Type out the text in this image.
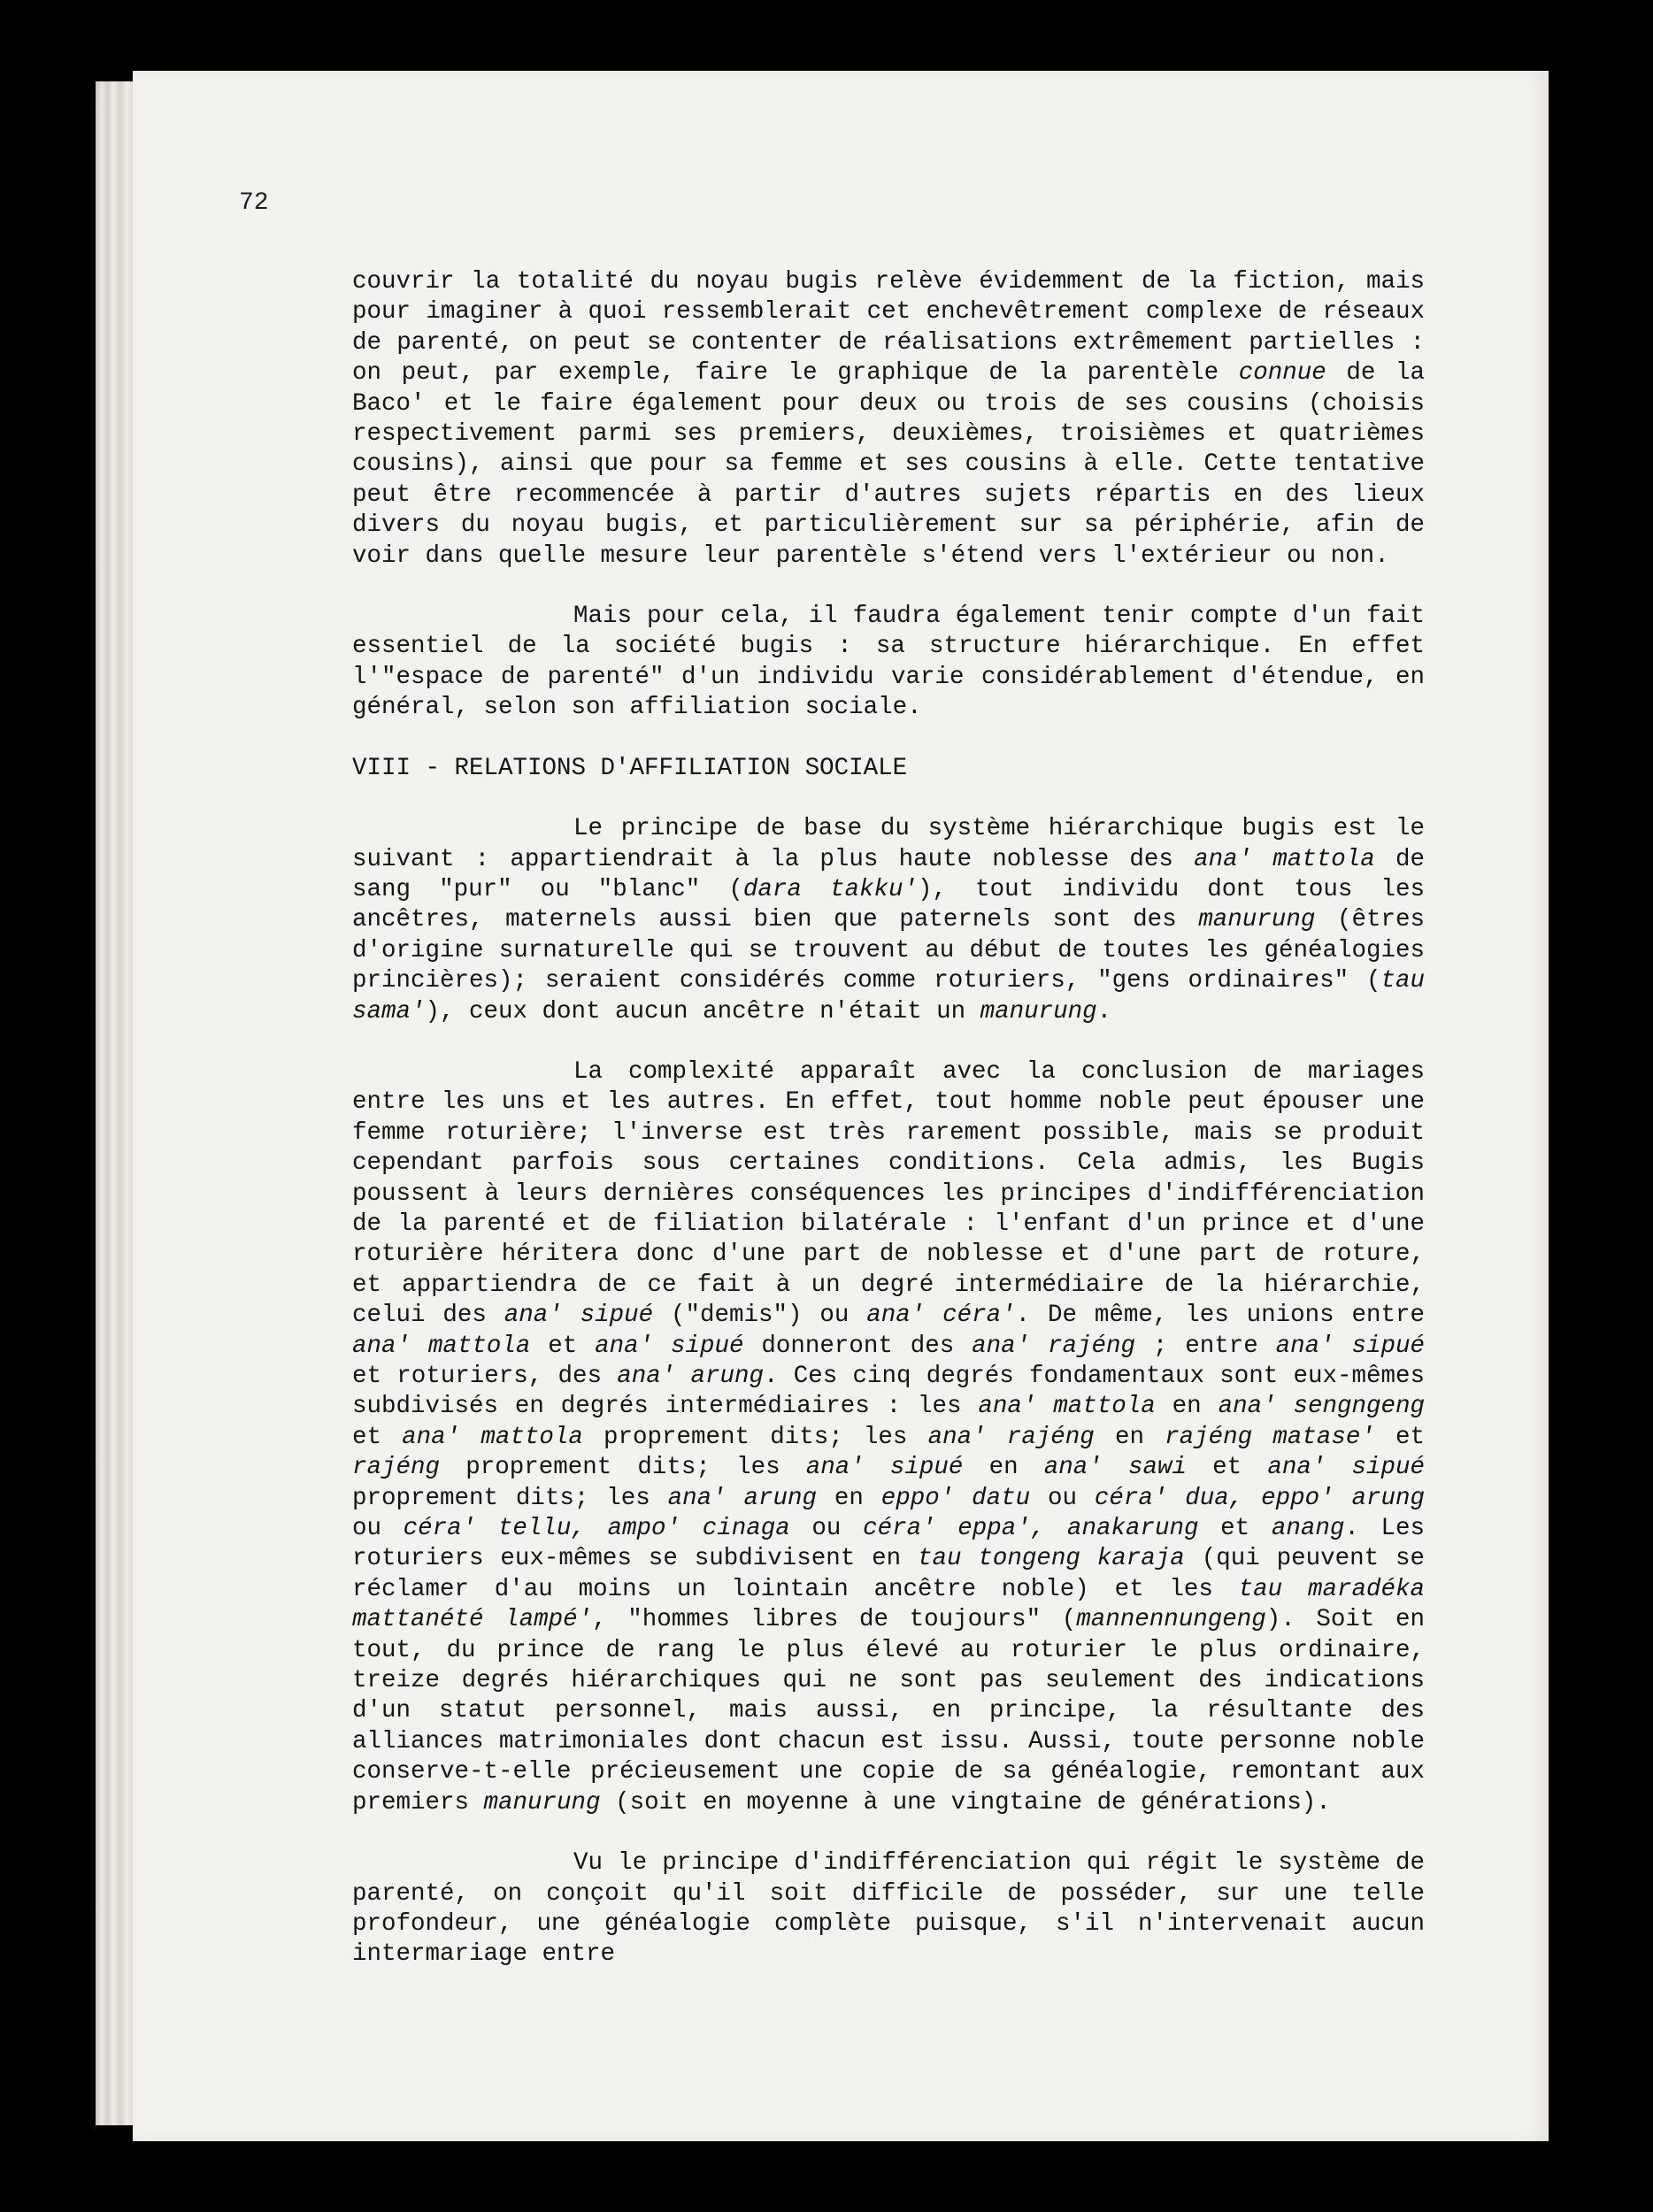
72

couvrir la totalité du noyau bugis relève évidemment de la fiction, mais pour imaginer à quoi ressemblerait cet enchevêtrement complexe de réseaux de parenté, on peut se contenter de réalisations extrêmement partielles : on peut, par exemple, faire le graphique de la parentèle connue de la Baco' et le faire également pour deux ou trois de ses cousins (choisis respectivement parmi ses premiers, deuxièmes, troisièmes et quatrièmes cousins), ainsi que pour sa femme et ses cousins à elle. Cette tentative peut être recommencée à partir d'autres sujets répartis en des lieux divers du noyau bugis, et particulièrement sur sa périphérie, afin de voir dans quelle mesure leur parentèle s'étend vers l'extérieur ou non.

Mais pour cela, il faudra également tenir compte d'un fait essentiel de la société bugis : sa structure hiérarchique. En effet l'"espace de parenté" d'un individu varie considérablement d'étendue, en général, selon son affiliation sociale.

VIII - RELATIONS D'AFFILIATION SOCIALE

Le principe de base du système hiérarchique bugis est le suivant : appartiendrait à la plus haute noblesse des ana' mattola de sang "pur" ou "blanc" (dara takku'), tout individu dont tous les ancêtres, maternels aussi bien que paternels sont des manurung (êtres d'origine surnaturelle qui se trouvent au début de toutes les généalogies princières); seraient considérés comme roturiers, "gens ordinaires" (tau sama'), ceux dont aucun ancêtre n'était un manurung.

La complexité apparaît avec la conclusion de mariages entre les uns et les autres. En effet, tout homme noble peut épouser une femme roturière; l'inverse est très rarement possible, mais se produit cependant parfois sous certaines conditions. Cela admis, les Bugis poussent à leurs dernières conséquences les principes d'indifférenciation de la parenté et de filiation bilatérale : l'enfant d'un prince et d'une roturière héritera donc d'une part de noblesse et d'une part de roture, et appartiendra de ce fait à un degré intermédiaire de la hiérarchie, celui des ana' sipué ("demis") ou ana' céra'. De même, les unions entre ana' mattola et ana' sipué donneront des ana' rajéng ; entre ana' sipué et roturiers, des ana' arung. Ces cinq degrés fondamentaux sont eux-mêmes subdivisés en degrés intermédiaires : les ana' mattola en ana' sengngeng et ana' mattola proprement dits; les ana' rajéng en rajéng matase' et rajéng proprement dits; les ana' sipué en ana' sawi et ana' sipué proprement dits; les ana' arung en eppo' datu ou céra' dua, eppo' arung ou céra' tellu, ampo' cinaga ou céra' eppa', anakarung et anang. Les roturiers eux-mêmes se subdivisent en tau tongeng karaja (qui peuvent se réclamer d'au moins un lointain ancêtre noble) et les tau maradéka mattanété lampé', "hommes libres de toujours" (mannennungeng). Soit en tout, du prince de rang le plus élevé au roturier le plus ordinaire, treize degrés hiérarchiques qui ne sont pas seulement des indications d'un statut personnel, mais aussi, en principe, la résultante des alliances matrimoniales dont chacun est issu. Aussi, toute personne noble conserve-t-elle précieusement une copie de sa généalogie, remontant aux premiers manurung (soit en moyenne à une vingtaine de générations).

Vu le principe d'indifférenciation qui régit le système de parenté, on conçoit qu'il soit difficile de posséder, sur une telle profondeur, une généalogie complète puisque, s'il n'intervenait aucun intermariage entre
